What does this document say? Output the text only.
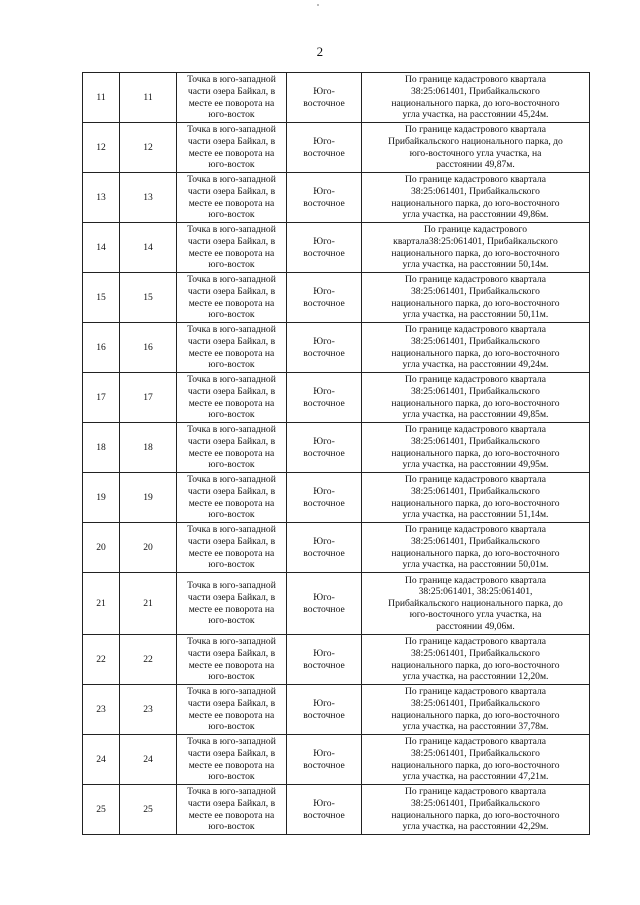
2
11	11	Точка в юго-западной
части озера Байкал, в
месте ее поворота на
юго-восток	Юго-
восточное	По границе кадастрового квартала
38:25:061401, Прибайкальского
национального парка, до юго-восточного
угла участка, на расстоянии 45,24м.
12	12	Точка в юго-западной
части озера Байкал, в
месте ее поворота на
юго-восток	Юго-
восточное	По границе кадастрового квартала
Прибайкальского национального парка, до
юго-восточного угла участка, на
расстоянии 49,87м.
13	13	Точка в юго-западной
части озера Байкал, в
месте ее поворота на
юго-восток	Юго-
восточное	По границе кадастрового квартала
38:25:061401, Прибайкальского
национального парка, до юго-восточного
угла участка, на расстоянии 49,86м.
14	14	Точка в юго-западной
части озера Байкал, в
месте ее поворота на
юго-восток	Юго-
восточное	По границе кадастрового
квартала38:25:061401, Прибайкальского
национального парка, до юго-восточного
угла участка, на расстоянии 50,14м.
15	15	Точка в юго-западной
части озера Байкал, в
месте ее поворота на
юго-восток	Юго-
восточное	По границе кадастрового квартала
38:25:061401, Прибайкальского
национального парка, до юго-восточного
угла участка, на расстоянии 50,11м.
16	16	Точка в юго-западной
части озера Байкал, в
месте ее поворота на
юго-восток	Юго-
восточное	По границе кадастрового квартала
38:25:061401, Прибайкальского
национального парка, до юго-восточного
угла участка, на расстоянии 49,24м.
17	17	Точка в юго-западной
части озера Байкал, в
месте ее поворота на
юго-восток	Юго-
восточное	По границе кадастрового квартала
38:25:061401, Прибайкальского
национального парка, до юго-восточного
угла участка, на расстоянии 49,85м.
18	18	Точка в юго-западной
части озера Байкал, в
месте ее поворота на
юго-восток	Юго-
восточное	По границе кадастрового квартала
38:25:061401, Прибайкальского
национального парка, до юго-восточного
угла участка, на расстоянии 49,95м.
19	19	Точка в юго-западной
части озера Байкал, в
месте ее поворота на
юго-восток	Юго-
восточное	По границе кадастрового квартала
38:25:061401, Прибайкальского
национального парка, до юго-восточного
угла участка, на расстоянии 51,14м.
20	20	Точка в юго-западной
части озера Байкал, в
месте ее поворота на
юго-восток	Юго-
восточное	По границе кадастрового квартала
38:25:061401, Прибайкальского
национального парка, до юго-восточного
угла участка, на расстоянии 50,01м.
21	21	Точка в юго-западной
части озера Байкал, в
месте ее поворота на
юго-восток	Юго-
восточное	По границе кадастрового квартала
38:25:061401, 38:25:061401,
Прибайкальского национального парка, до
юго-восточного угла участка, на
расстоянии 49,06м.
22	22	Точка в юго-западной
части озера Байкал, в
месте ее поворота на
юго-восток	Юго-
восточное	По границе кадастрового квартала
38:25:061401, Прибайкальского
национального парка, до юго-восточного
угла участка, на расстоянии 12,20м.
23	23	Точка в юго-западной
части озера Байкал, в
месте ее поворота на
юго-восток	Юго-
восточное	По границе кадастрового квартала
38:25:061401, Прибайкальского
национального парка, до юго-восточного
угла участка, на расстоянии 37,78м.
24	24	Точка в юго-западной
части озера Байкал, в
месте ее поворота на
юго-восток	Юго-
восточное	По границе кадастрового квартала
38:25:061401, Прибайкальского
национального парка, до юго-восточного
угла участка, на расстоянии 47,21м.
25	25	Точка в юго-западной
части озера Байкал, в
месте ее поворота на
юго-восток	Юго-
восточное	По границе кадастрового квартала
38:25:061401, Прибайкальского
национального парка, до юго-восточного
угла участка, на расстоянии 42,29м.
